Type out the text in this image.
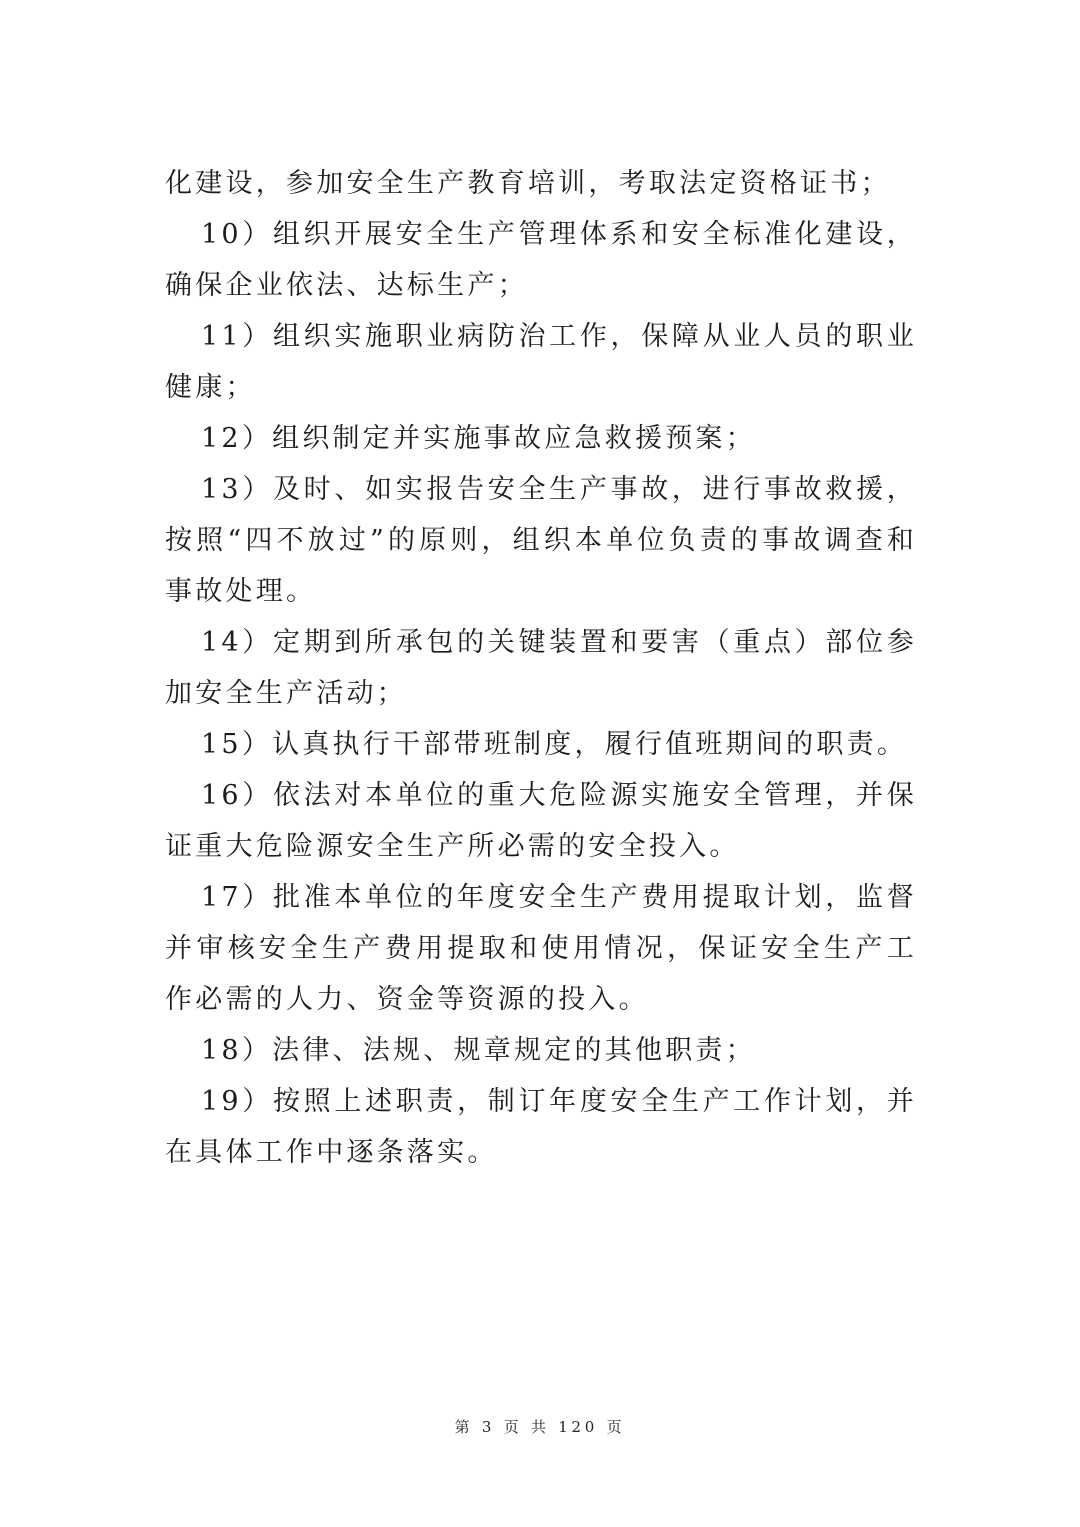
化建设，参加安全生产教育培训，考取法定资格证书；

10）组织开展安全生产管理体系和安全标准化建设，确保企业依法、达标生产；

11）组织实施职业病防治工作，保障从业人员的职业健康；

12）组织制定并实施事故应急救援预案；

13）及时、如实报告安全生产事故，进行事故救援，按照“四不放过”的原则，组织本单位负责的事故调查和事故处理。

14）定期到所承包的关键装置和要害（重点）部位参加安全生产活动；

15）认真执行干部带班制度，履行值班期间的职责。

16）依法对本单位的重大危险源实施安全管理，并保证重大危险源安全生产所必需的安全投入。

17）批准本单位的年度安全生产费用提取计划，监督并审核安全生产费用提取和使用情况，保证安全生产工作必需的人力、资金等资源的投入。

18）法律、法规、规章规定的其他职责；

19）按照上述职责，制订年度安全生产工作计划，并在具体工作中逐条落实。

第 3 页 共 120 页
